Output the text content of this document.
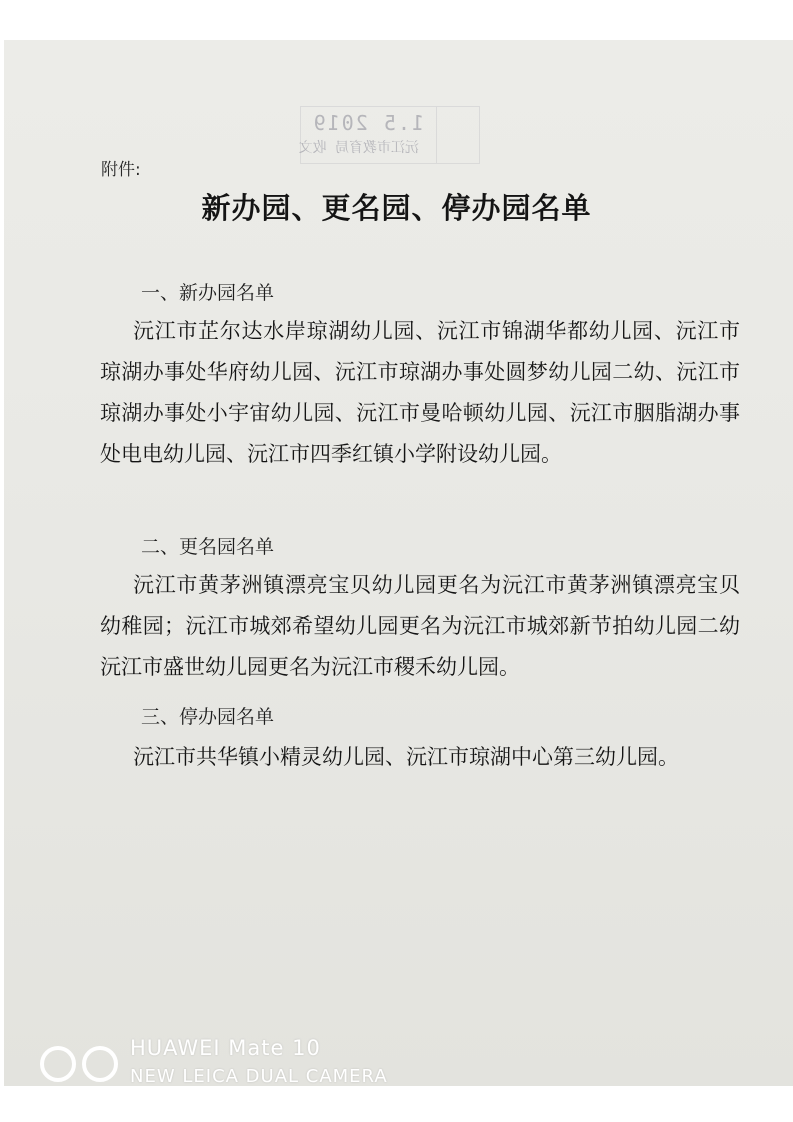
1.5 2019
沅江市教育局 收文
附件:
新办园、更名园、停办园名单
一、新办园名单
沅江市芷尔达水岸琼湖幼儿园、沅江市锦湖华都幼儿园、沅江市琼湖办事处华府幼儿园、沅江市琼湖办事处圆梦幼儿园二幼、沅江市琼湖办事处小宇宙幼儿园、沅江市曼哈顿幼儿园、沅江市胭脂湖办事处电电幼儿园、沅江市四季红镇小学附设幼儿园。
二、更名园名单
沅江市黄茅洲镇漂亮宝贝幼儿园更名为沅江市黄茅洲镇漂亮宝贝幼稚园；沅江市城郊希望幼儿园更名为沅江市城郊新节拍幼儿园二幼沅江市盛世幼儿园更名为沅江市稷禾幼儿园。
三、停办园名单
沅江市共华镇小精灵幼儿园、沅江市琼湖中心第三幼儿园。
HUAWEI Mate 10
NEW LEICA DUAL CAMERA
